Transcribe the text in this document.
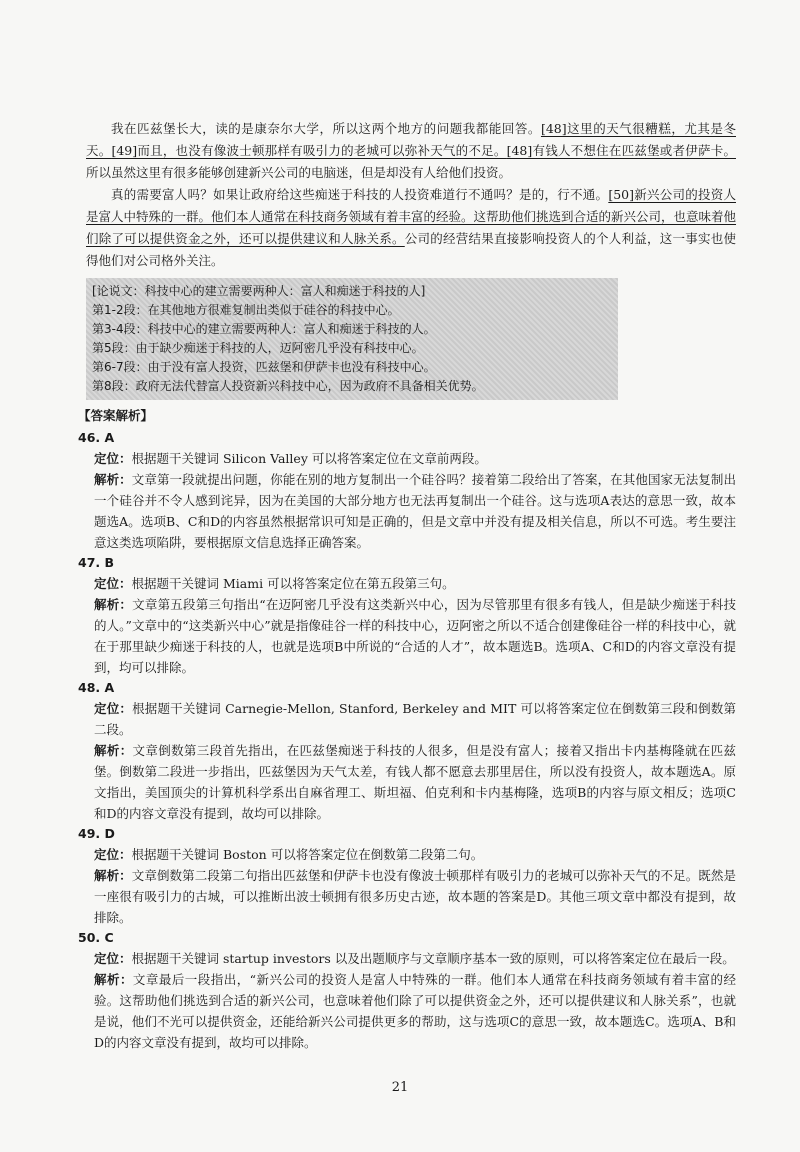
我在匹兹堡长大，读的是康奈尔大学，所以这两个地方的问题我都能回答。[48]这里的天气很糟糕，尤其是冬天。[49]而且，也没有像波士顿那样有吸引力的老城可以弥补天气的不足。[48]有钱人不想住在匹兹堡或者伊萨卡。所以虽然这里有很多能够创建新兴公司的电脑迷，但是却没有人给他们投资。

真的需要富人吗？如果让政府给这些痴迷于科技的人投资难道行不通吗？是的，行不通。[50]新兴公司的投资人是富人中特殊的一群。他们本人通常在科技商务领域有着丰富的经验。这帮助他们挑选到合适的新兴公司，也意味着他们除了可以提供资金之外，还可以提供建议和人脉关系。公司的经营结果直接影响投资人的个人利益，这一事实也使得他们对公司格外关注。

[论说文：科技中心的建立需要两种人：富人和痴迷于科技的人]
第1-2段：在其他地方很难复制出类似于硅谷的科技中心。
第3-4段：科技中心的建立需要两种人：富人和痴迷于科技的人。
第5段：由于缺少痴迷于科技的人，迈阿密几乎没有科技中心。
第6-7段：由于没有富人投资，匹兹堡和伊萨卡也没有科技中心。
第8段：政府无法代替富人投资新兴科技中心，因为政府不具备相关优势。
【答案解析】
46. A

定位：根据题干关键词 Silicon Valley 可以将答案定位在文章前两段。

解析：文章第一段就提出问题，你能在别的地方复制出一个硅谷吗？接着第二段给出了答案，在其他国家无法复制出一个硅谷并不令人感到诧异，因为在美国的大部分地方也无法再复制出一个硅谷。这与选项A表达的意思一致，故本题选A。选项B、C和D的内容虽然根据常识可知是正确的，但是文章中并没有提及相关信息，所以不可选。考生要注意这类选项陷阱，要根据原文信息选择正确答案。

47. B

定位：根据题干关键词 Miami 可以将答案定位在第五段第三句。

解析：文章第五段第三句指出“在迈阿密几乎没有这类新兴中心，因为尽管那里有很多有钱人，但是缺少痴迷于科技的人。”文章中的“这类新兴中心”就是指像硅谷一样的科技中心，迈阿密之所以不适合创建像硅谷一样的科技中心，就在于那里缺少痴迷于科技的人，也就是选项B中所说的“合适的人才”，故本题选B。选项A、C和D的内容文章没有提到，均可以排除。

48. A

定位：根据题干关键词 Carnegie-Mellon, Stanford, Berkeley and MIT 可以将答案定位在倒数第三段和倒数第二段。

解析：文章倒数第三段首先指出，在匹兹堡痴迷于科技的人很多，但是没有富人；接着又指出卡内基梅隆就在匹兹堡。倒数第二段进一步指出，匹兹堡因为天气太差，有钱人都不愿意去那里居住，所以没有投资人，故本题选A。原文指出，美国顶尖的计算机科学系出自麻省理工、斯坦福、伯克利和卡内基梅隆，选项B的内容与原文相反；选项C和D的内容文章没有提到，故均可以排除。

49. D

定位：根据题干关键词 Boston 可以将答案定位在倒数第二段第二句。

解析：文章倒数第二段第二句指出匹兹堡和伊萨卡也没有像波士顿那样有吸引力的老城可以弥补天气的不足。既然是一座很有吸引力的古城，可以推断出波士顿拥有很多历史古迹，故本题的答案是D。其他三项文章中都没有提到，故排除。

50. C

定位：根据题干关键词 startup investors 以及出题顺序与文章顺序基本一致的原则，可以将答案定位在最后一段。

解析：文章最后一段指出，“新兴公司的投资人是富人中特殊的一群。他们本人通常在科技商务领域有着丰富的经验。这帮助他们挑选到合适的新兴公司，也意味着他们除了可以提供资金之外，还可以提供建议和人脉关系”，也就是说，他们不光可以提供资金，还能给新兴公司提供更多的帮助，这与选项C的意思一致，故本题选C。选项A、B和D的内容文章没有提到，故均可以排除。

21
